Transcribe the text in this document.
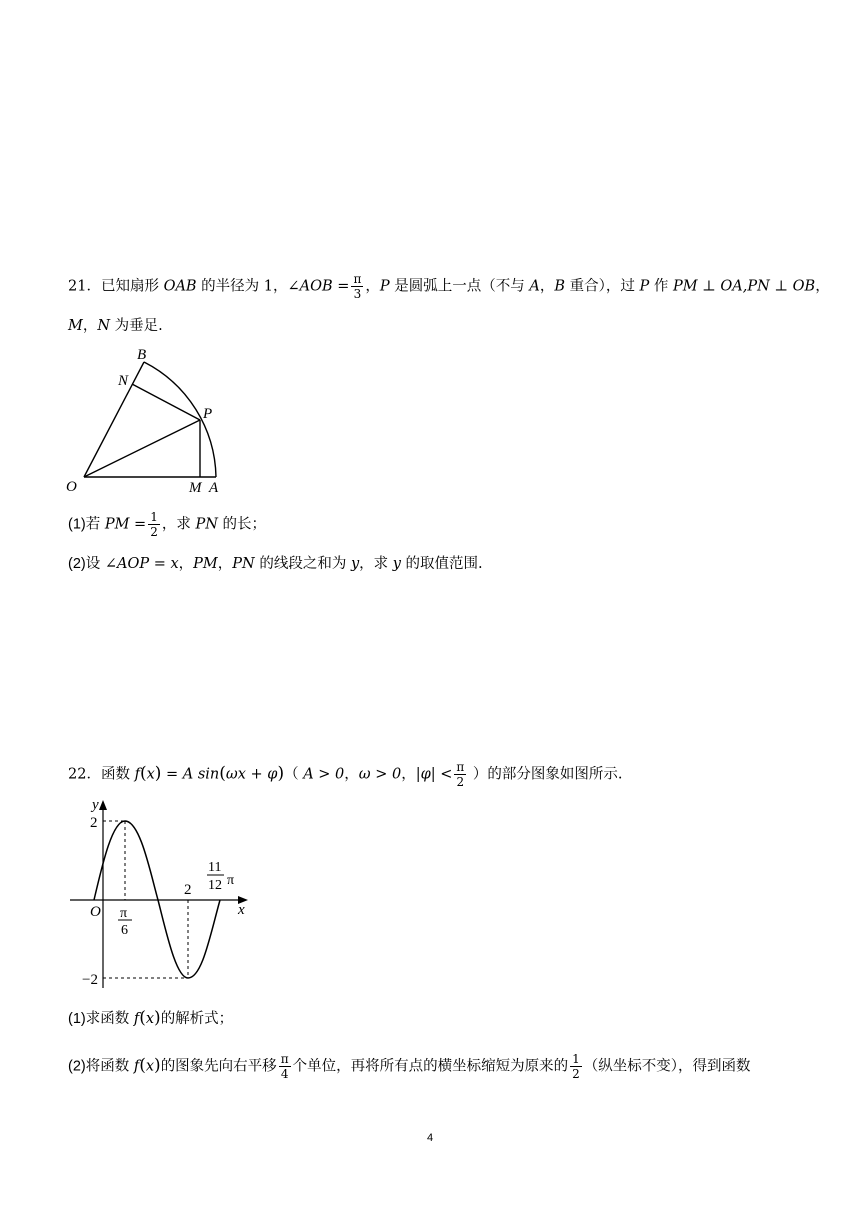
21．已知扇形 OAB 的半径为 1，∠AOB = $\frac{\pi}{3}$ ，P 是圆弧上一点（不与 A，B 重合），过 P 作 PM ⊥ OA,PN ⊥ OB，
M，N 为垂足.
B
N
P
O	M A
(1)若 PM = $\frac{1}{2}$ ，求 PN 的长；
(2)设 ∠AOP = x，PM，PN 的线段之和为 y，求 y 的取值范围.
22．函数 f(x) = A sin(ωx + φ)（ A > 0，ω > 0，$|\varphi| < \frac{\pi}{2}$ ）的部分图象如图所示.
y
x
O
2
−2
π
6
2
11
12 π
(1)求函数 f(x)的解析式；
(2)将函数 f(x)的图象先向右平移 $\frac{\pi}{4}$ 个单位，再将所有点的横坐标缩短为原来的 $\frac{1}{2}$ （纵坐标不变），得到函数
4
